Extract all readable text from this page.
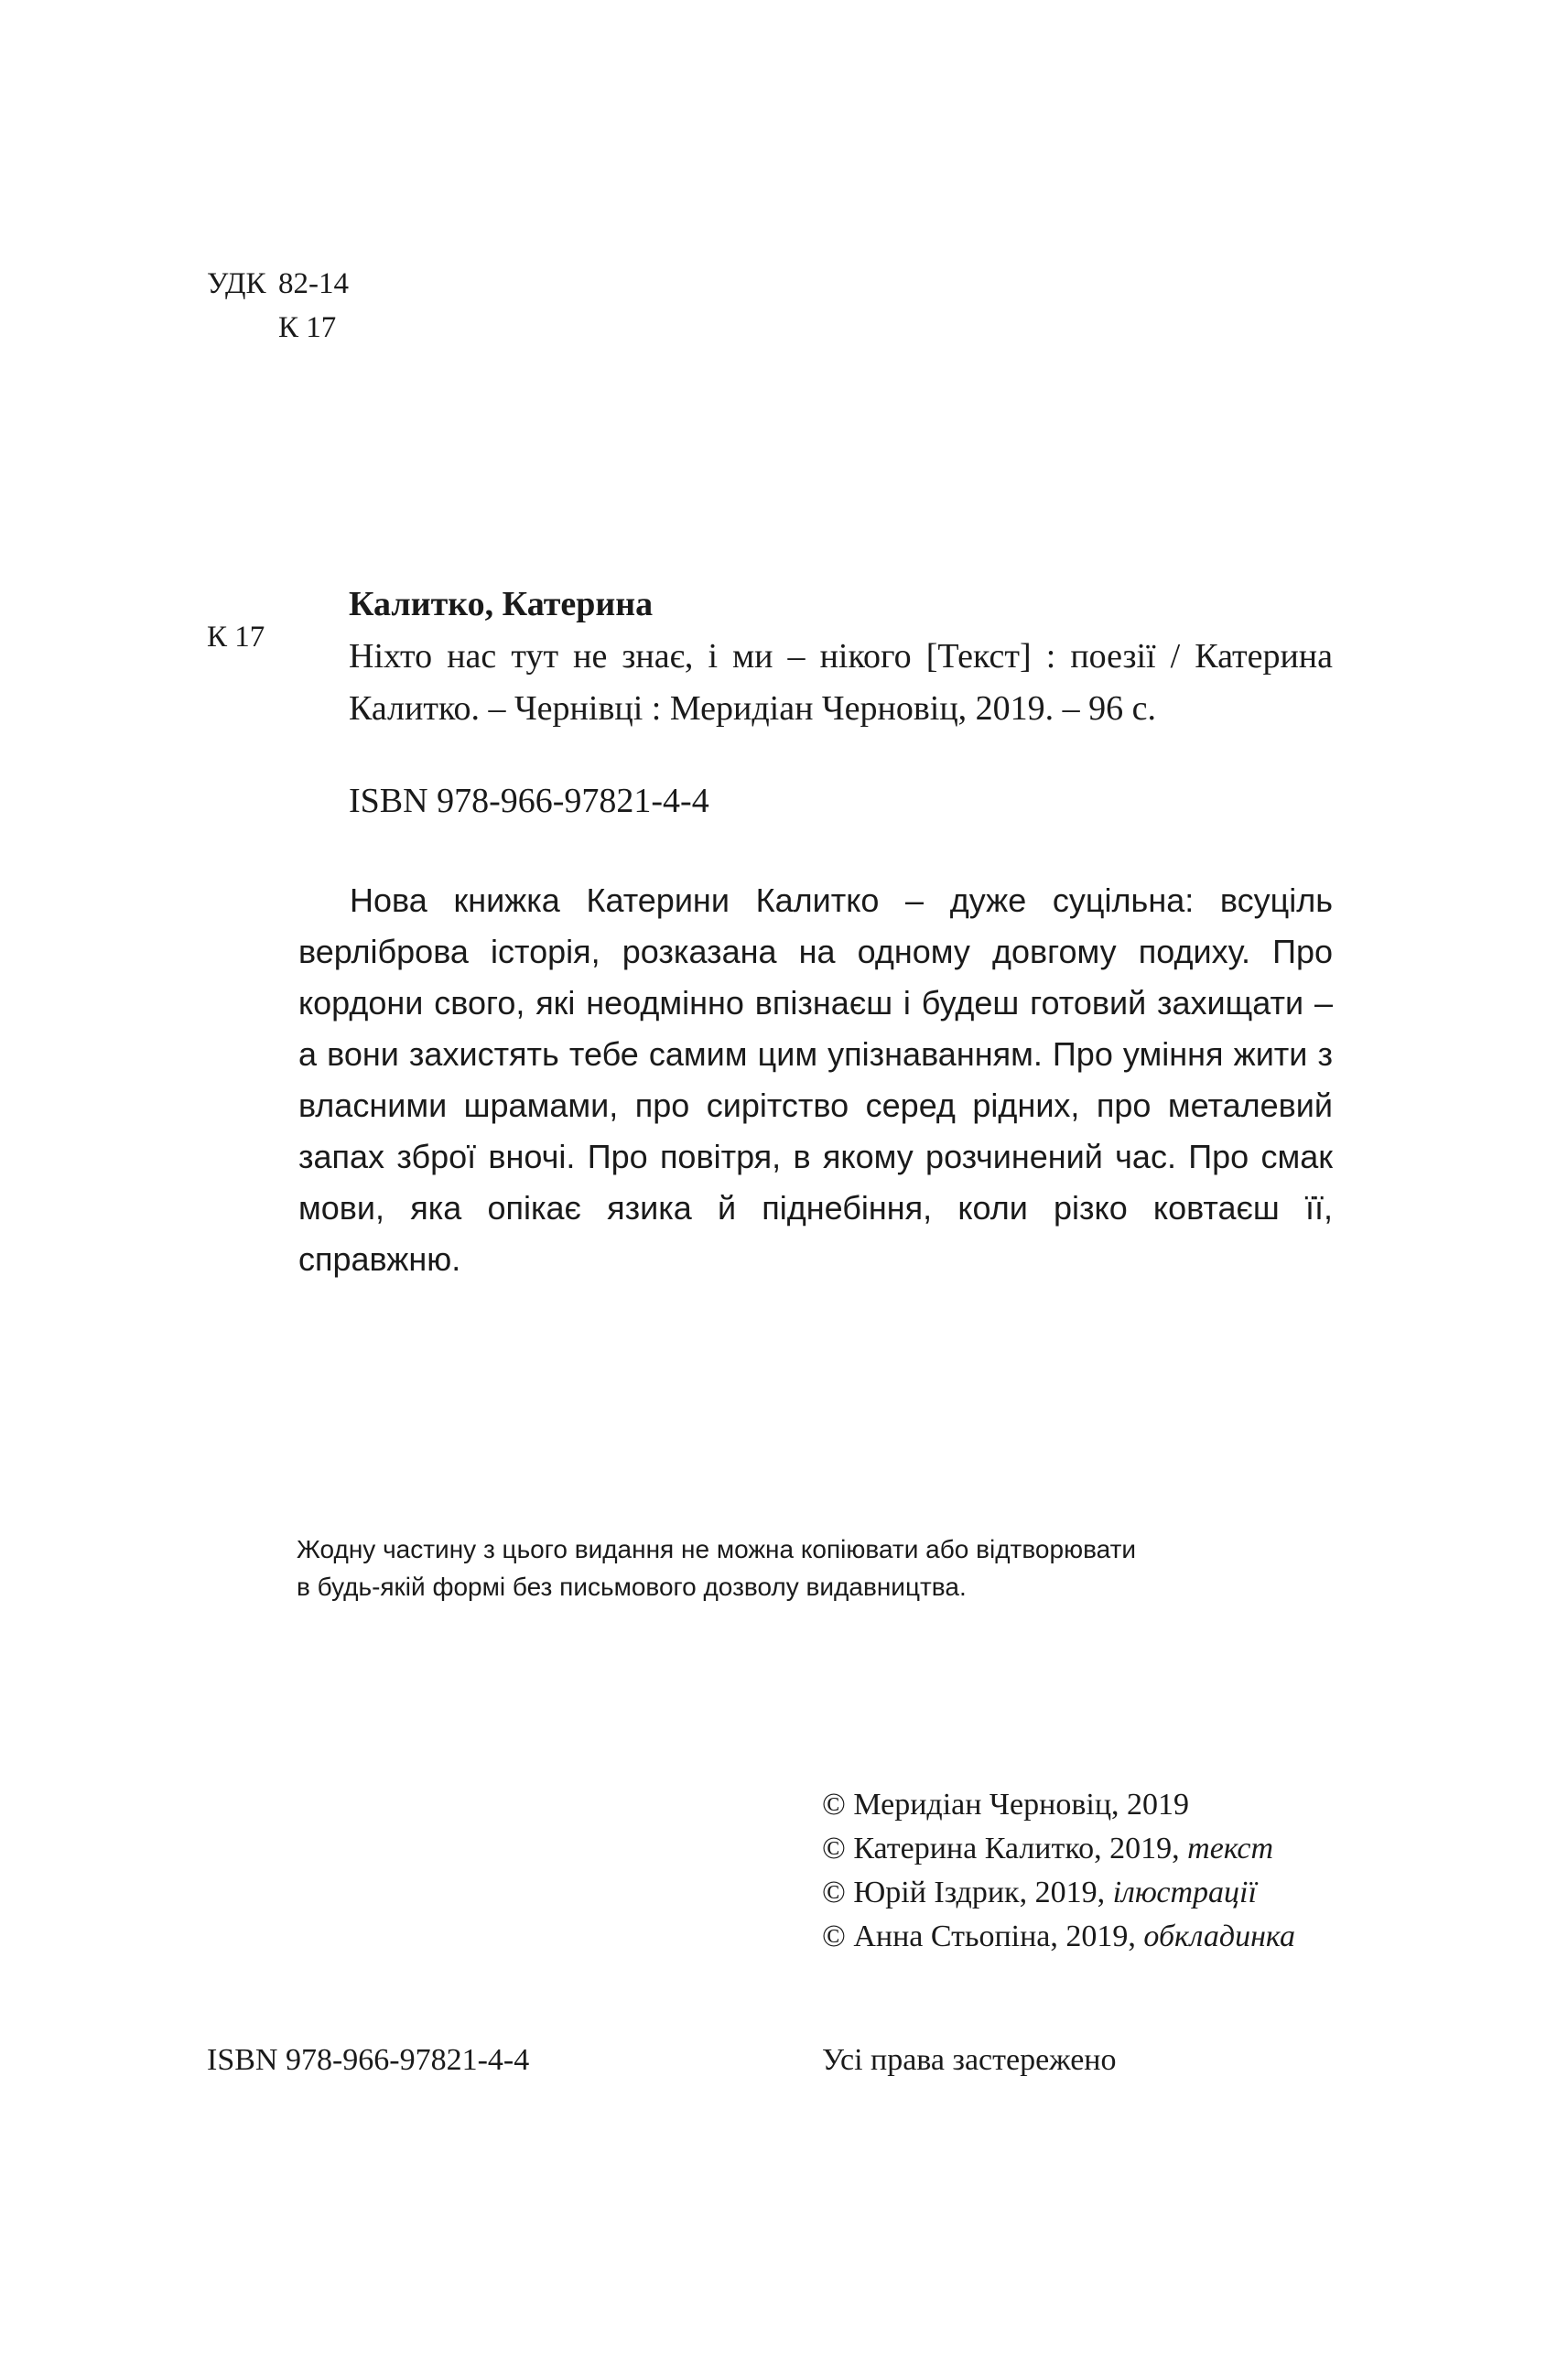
УДК 82-14
К 17
К 17
Калитко, Катерина
Ніхто нас тут не знає, і ми – нікого [Текст] : поезії / Катерина Калитко. – Чернівці : Меридіан Черновіц, 2019. – 96 с.
ISBN 978-966-97821-4-4
Нова книжка Катерини Калитко – дуже суцільна: всуціль верліброва історія, розказана на одному довгому подиху. Про кордони свого, які неодмінно впізнаєш і будеш готовий захищати – а вони захистять тебе самим цим упізнаванням. Про уміння жити з власними шрамами, про сирітство серед рідних, про металевий запах зброї вночі. Про повітря, в якому розчинений час. Про смак мови, яка опікає язика й піднебіння, коли різко ковтаєш її, справжню.
Жодну частину з цього видання не можна копіювати або відтворювати
в будь-якій формі без письмового дозволу видавництва.
© Меридіан Черновіц, 2019
© Катерина Калитко, 2019, текст
© Юрій Іздрик, 2019, ілюстрації
© Анна Стьопіна, 2019, обкладинка
ISBN 978-966-97821-4-4	Усі права застережено
